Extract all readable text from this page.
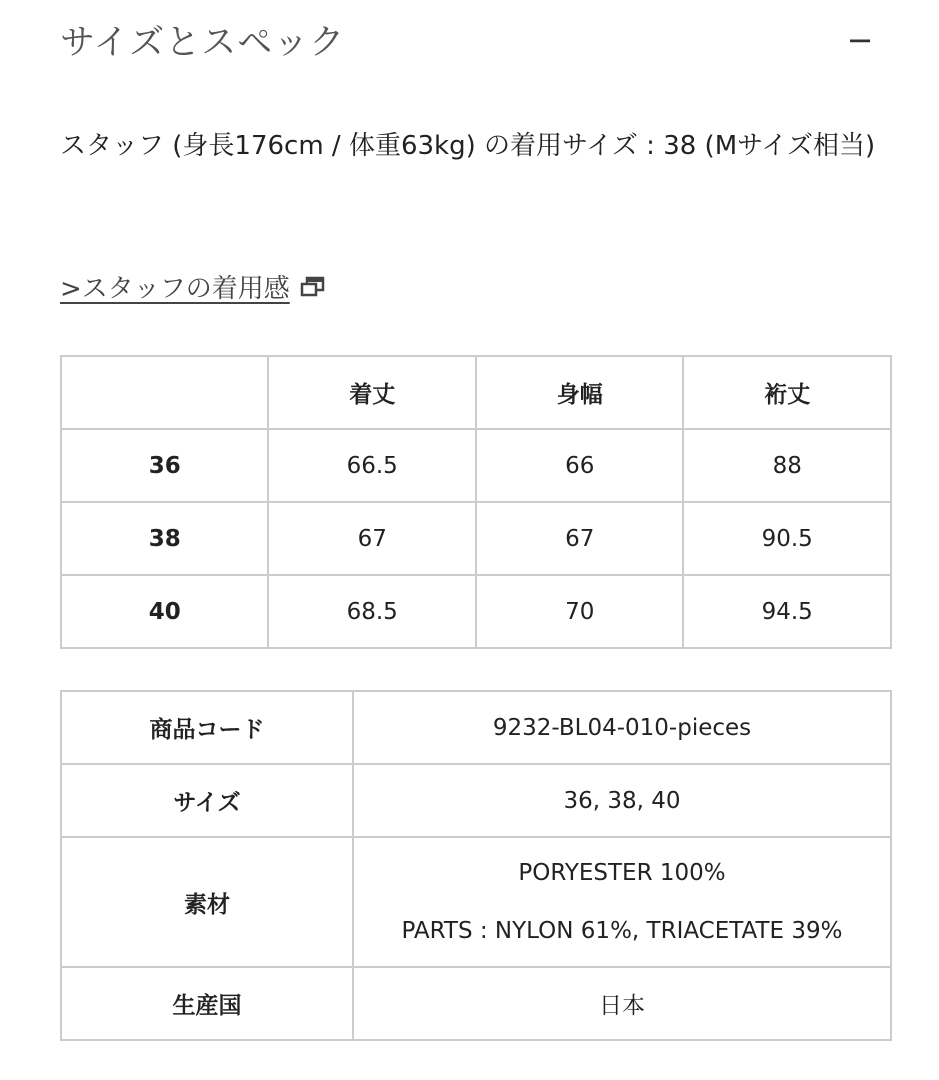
サイズとスペック	−
スタッフ (身長176cm / 体重63kg) の着用サイズ : 38 (Mサイズ相当)
>スタッフの着用感
	着丈	身幅	裄丈
36	66.5	66	88
38	67	67	90.5
40	68.5	70	94.5
商品コード	9232-BL04-010-pieces
サイズ	36, 38, 40
素材	PORYESTER 100%
PARTS : NYLON 61%, TRIACETATE 39%

生産国	日本
